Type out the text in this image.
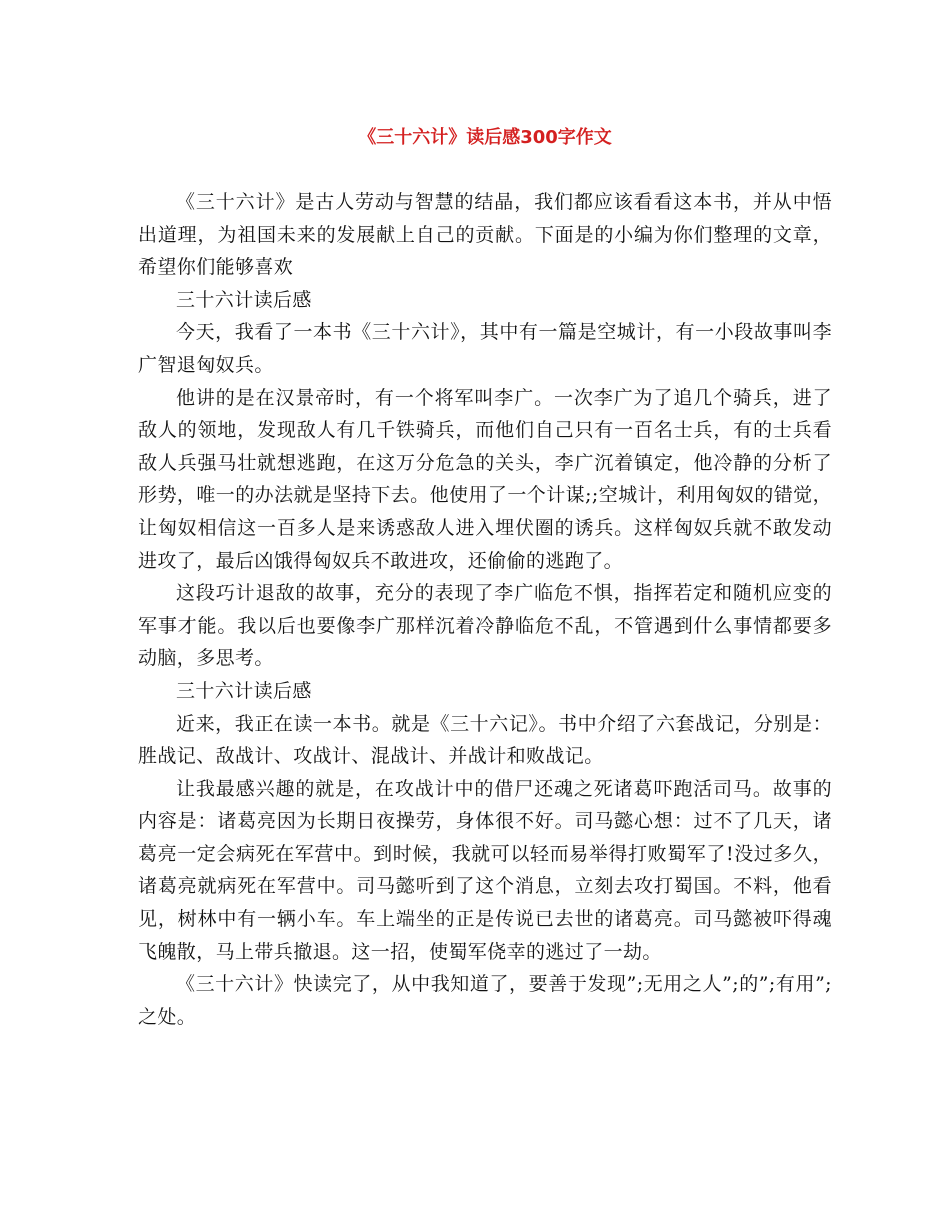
《三十六计》读后感300字作文

《三十六计》是古人劳动与智慧的结晶，我们都应该看看这本书，并从中悟出道理，为祖国未来的发展献上自己的贡献。下面是的小编为你们整理的文章，希望你们能够喜欢

三十六计读后感

今天，我看了一本书《三十六计》，其中有一篇是空城计，有一小段故事叫李广智退匈奴兵。

他讲的是在汉景帝时，有一个将军叫李广。一次李广为了追几个骑兵，进了敌人的领地，发现敌人有几千铁骑兵，而他们自己只有一百名士兵，有的士兵看敌人兵强马壮就想逃跑，在这万分危急的关头，李广沉着镇定，他冷静的分析了形势，唯一的办法就是坚持下去。他使用了一个计谋;;空城计，利用匈奴的错觉，让匈奴相信这一百多人是来诱惑敌人进入埋伏圈的诱兵。这样匈奴兵就不敢发动进攻了，最后凶饿得匈奴兵不敢进攻，还偷偷的逃跑了。

这段巧计退敌的故事，充分的表现了李广临危不惧，指挥若定和随机应变的军事才能。我以后也要像李广那样沉着冷静临危不乱，不管遇到什么事情都要多动脑，多思考。

三十六计读后感

近来，我正在读一本书。就是《三十六记》。书中介绍了六套战记，分别是：胜战记、敌战计、攻战计、混战计、并战计和败战记。

让我最感兴趣的就是，在攻战计中的借尸还魂之死诸葛吓跑活司马。故事的内容是：诸葛亮因为长期日夜操劳，身体很不好。司马懿心想：过不了几天，诸葛亮一定会病死在军营中。到时候，我就可以轻而易举得打败蜀军了!没过多久，诸葛亮就病死在军营中。司马懿听到了这个消息，立刻去攻打蜀国。不料，他看见，树林中有一辆小车。车上端坐的正是传说已去世的诸葛亮。司马懿被吓得魂飞魄散，马上带兵撤退。这一招，使蜀军侥幸的逃过了一劫。

《三十六计》快读完了，从中我知道了，要善于发现”;无用之人”;的”;有用”;之处。
